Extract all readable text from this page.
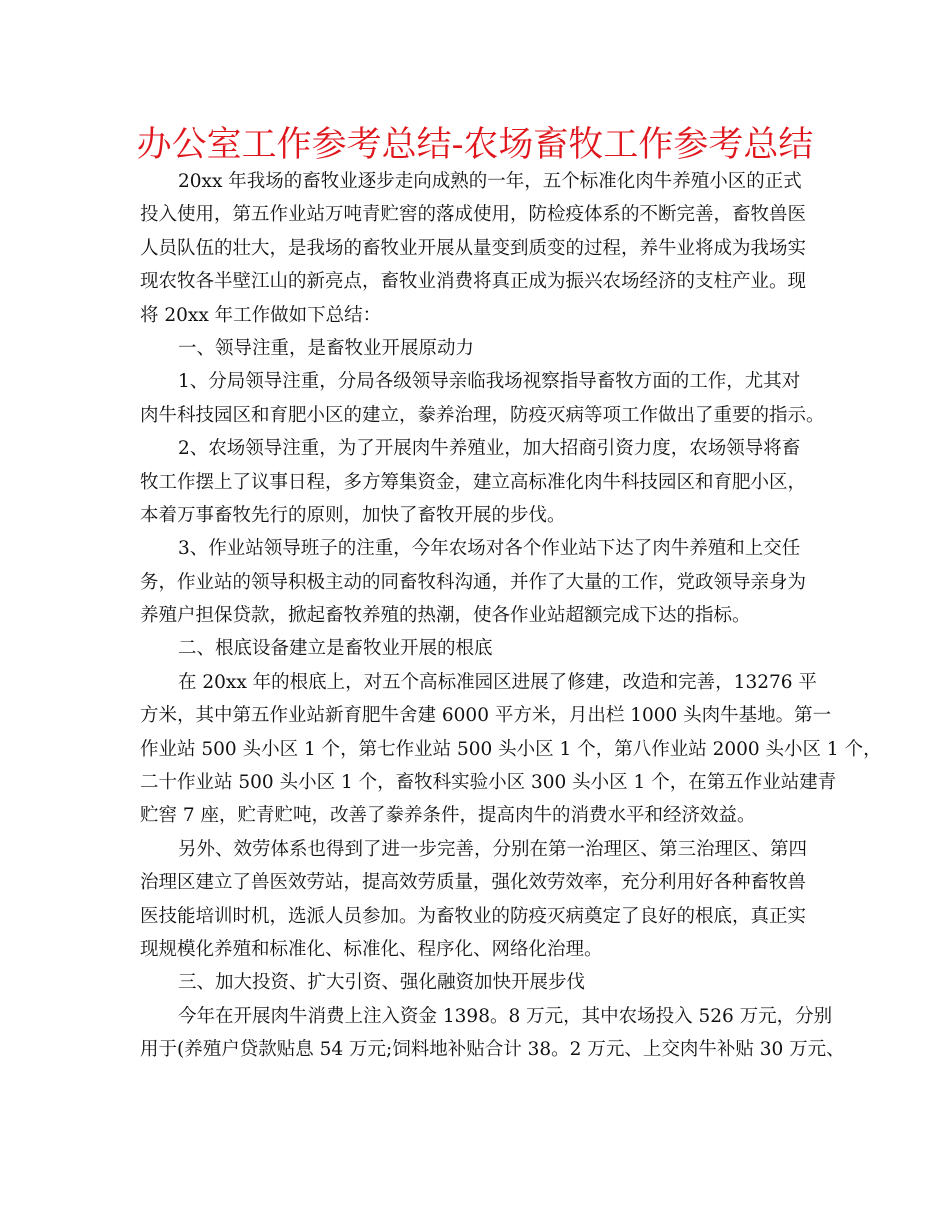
办公室工作参考总结-农场畜牧工作参考总结
20xx 年我场的畜牧业逐步走向成熟的一年，五个标准化肉牛养殖小区的正式
投入使用，第五作业站万吨青贮窖的落成使用，防检疫体系的不断完善，畜牧兽医
人员队伍的壮大，是我场的畜牧业开展从量变到质变的过程，养牛业将成为我场实
现农牧各半壁江山的新亮点，畜牧业消费将真正成为振兴农场经济的支柱产业。现
将 20xx 年工作做如下总结：
一、领导注重，是畜牧业开展原动力
1、分局领导注重，分局各级领导亲临我场视察指导畜牧方面的工作，尤其对
肉牛科技园区和育肥小区的建立，豢养治理，防疫灭病等项工作做出了重要的指示。
2、农场领导注重，为了开展肉牛养殖业，加大招商引资力度，农场领导将畜
牧工作摆上了议事日程，多方筹集资金，建立高标准化肉牛科技园区和育肥小区，
本着万事畜牧先行的原则，加快了畜牧开展的步伐。
3、作业站领导班子的注重，今年农场对各个作业站下达了肉牛养殖和上交任
务，作业站的领导积极主动的同畜牧科沟通，并作了大量的工作，党政领导亲身为
养殖户担保贷款，掀起畜牧养殖的热潮，使各作业站超额完成下达的指标。
二、根底设备建立是畜牧业开展的根底
在 20xx 年的根底上，对五个高标准园区进展了修建，改造和完善，13276 平
方米，其中第五作业站新育肥牛舍建 6000 平方米，月出栏 1000 头肉牛基地。第一
作业站 500 头小区 1 个，第七作业站 500 头小区 1 个，第八作业站 2000 头小区 1 个，
二十作业站 500 头小区 1 个，畜牧科实验小区 300 头小区 1 个，在第五作业站建青
贮窖 7 座，贮青贮吨，改善了豢养条件，提高肉牛的消费水平和经济效益。
另外、效劳体系也得到了进一步完善，分别在第一治理区、第三治理区、第四
治理区建立了兽医效劳站，提高效劳质量，强化效劳效率，充分利用好各种畜牧兽
医技能培训时机，选派人员参加。为畜牧业的防疫灭病奠定了良好的根底，真正实
现规模化养殖和标准化、标准化、程序化、网络化治理。
三、加大投资、扩大引资、强化融资加快开展步伐
今年在开展肉牛消费上注入资金 1398。8 万元，其中农场投入 526 万元，分别
用于(养殖户贷款贴息 54 万元;饲料地补贴合计 38。2 万元、上交肉牛补贴 30 万元、
